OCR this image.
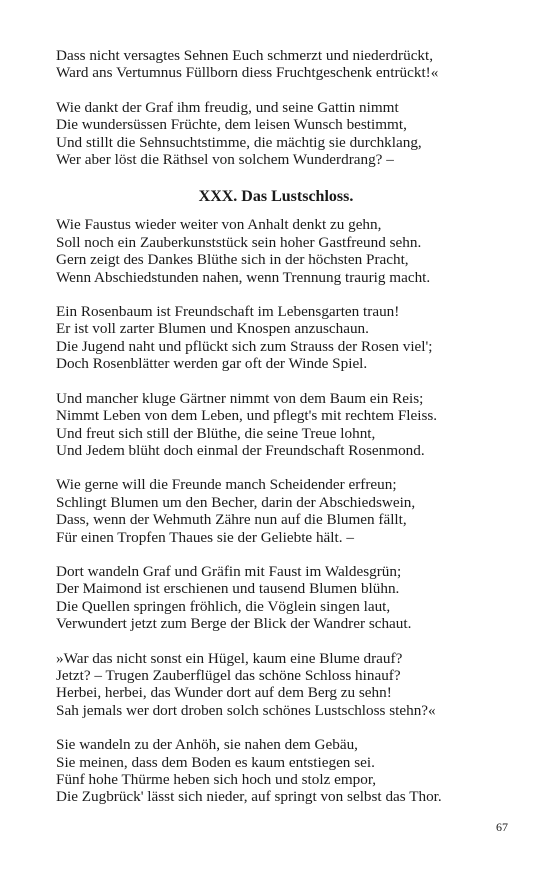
Dass nicht versagtes Sehnen Euch schmerzt und niederdrückt,
Ward ans Vertumnus Füllborn diess Fruchtgeschenk entrückt!«
Wie dankt der Graf ihm freudig, und seine Gattin nimmt
Die wundersüssen Früchte, dem leisen Wunsch bestimmt,
Und stillt die Sehnsuchtstimme, die mächtig sie durchklang,
Wer aber löst die Räthsel von solchem Wunderdrang? –
XXX. Das Lustschloss.
Wie Faustus wieder weiter von Anhalt denkt zu gehn,
Soll noch ein Zauberkunststück sein hoher Gastfreund sehn.
Gern zeigt des Dankes Blüthe sich in der höchsten Pracht,
Wenn Abschiedstunden nahen, wenn Trennung traurig macht.
Ein Rosenbaum ist Freundschaft im Lebensgarten traun!
Er ist voll zarter Blumen und Knospen anzuschaun.
Die Jugend naht und pflückt sich zum Strauss der Rosen viel';
Doch Rosenblätter werden gar oft der Winde Spiel.
Und mancher kluge Gärtner nimmt von dem Baum ein Reis;
Nimmt Leben von dem Leben, und pflegt's mit rechtem Fleiss.
Und freut sich still der Blüthe, die seine Treue lohnt,
Und Jedem blüht doch einmal der Freundschaft Rosenmond.
Wie gerne will die Freunde manch Scheidender erfreun;
Schlingt Blumen um den Becher, darin der Abschiedswein,
Dass, wenn der Wehmuth Zähre nun auf die Blumen fällt,
Für einen Tropfen Thaues sie der Geliebte hält. –
Dort wandeln Graf und Gräfin mit Faust im Waldesgrün;
Der Maimond ist erschienen und tausend Blumen blühn.
Die Quellen springen fröhlich, die Vöglein singen laut,
Verwundert jetzt zum Berge der Blick der Wandrer schaut.
»War das nicht sonst ein Hügel, kaum eine Blume drauf?
Jetzt? – Trugen Zauberflügel das schöne Schloss hinauf?
Herbei, herbei, das Wunder dort auf dem Berg zu sehn!
Sah jemals wer dort droben solch schönes Lustschloss stehn?«
Sie wandeln zu der Anhöh, sie nahen dem Gebäu,
Sie meinen, dass dem Boden es kaum entstiegen sei.
Fünf hohe Thürme heben sich hoch und stolz empor,
Die Zugbrück' lässt sich nieder, auf springt von selbst das Thor.
67
